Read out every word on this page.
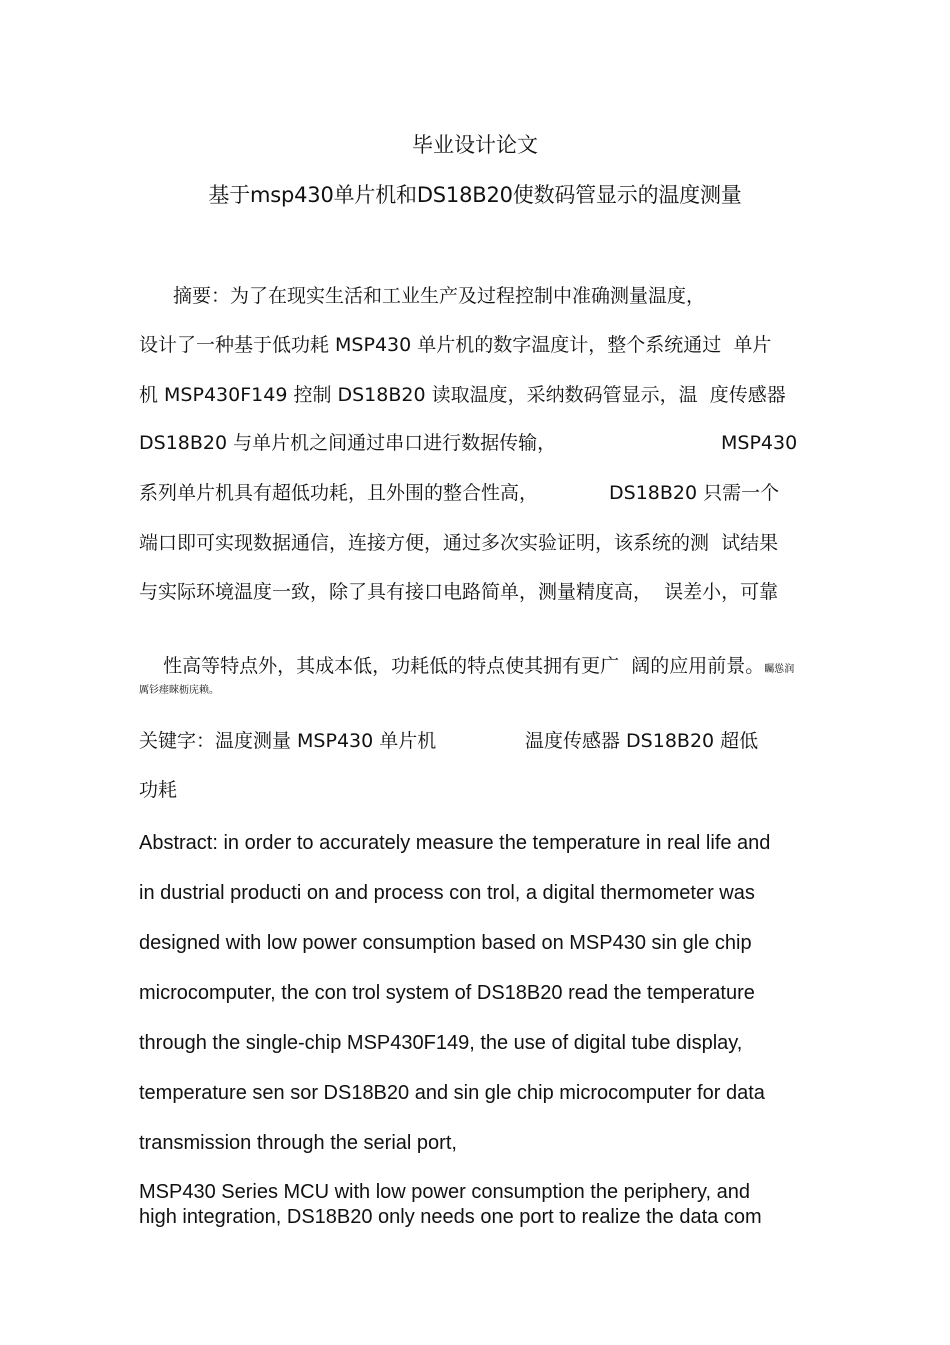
毕业设计论文
基于msp430单片机和DS18B20使数码管显示的温度测量
摘要：为了在现实生活和工业生产及过程控制中准确测量温度，
设计了一种基于低功耗 MSP430 单片机的数字温度计，整个系统通过  单片
机 MSP430F149 控制 DS18B20 读取温度，采纳数码管显示，温  度传感器
DS18B20 与单片机之间通过串口进行数据传输，	MSP430
系列单片机具有超低功耗，且外围的整合性高，	DS18B20 只需一个
端口即可实现数据通信，连接方便，通过多次实验证明，该系统的测  试结果
与实际环境温度一致，除了具有接口电路简单，测量精度高，  误差小，可靠

性高等特点外，其成本低，功耗低的特点使其拥有更广  阔的应用前景。矚慫润

厲钐瘗睞枥庑赖。
关键字：温度测量 MSP430 单片机	温度传感器 DS18B20 超低
功耗
Abstract: in order to accurately measure the temperature in real life and
in dustrial producti on and process con trol, a digital thermometer was
designed with low power consumption based on MSP430 sin gle chip
microcomputer, the con trol system of DS18B20 read the temperature
through the single-chip MSP430F149, the use of digital tube display,
temperature sen sor DS18B20 and sin gle chip microcomputer for data
transmission through the serial port,
MSP430 Series MCU with low power consumption the periphery, and
high integration, DS18B20 only needs one port to realize the data com
